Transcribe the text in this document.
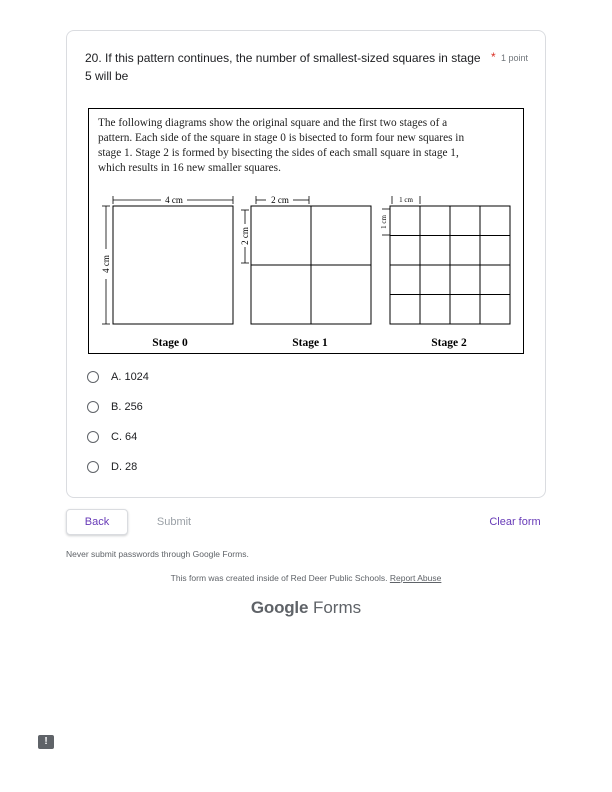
20. If this pattern continues, the number of smallest-sized squares in stage 5 will be
* 1 point

The following diagrams show the original square and the first two stages of a

pattern. Each side of the square in stage 0 is bisected to form four new squares in

stage 1. Stage 2 is formed by bisecting the sides of each small square in stage 1,

which results in 16 new smaller squares.

4 cm
4 cm
Stage 0
2 cm
2 cm
Stage 1
1 cm
1 cm
Stage 2
A. 1024
B. 256
C. 64
D. 28
Back	Submit	Clear form
Never submit passwords through Google Forms.
This form was created inside of Red Deer Public Schools. Report Abuse
Google Forms
!
